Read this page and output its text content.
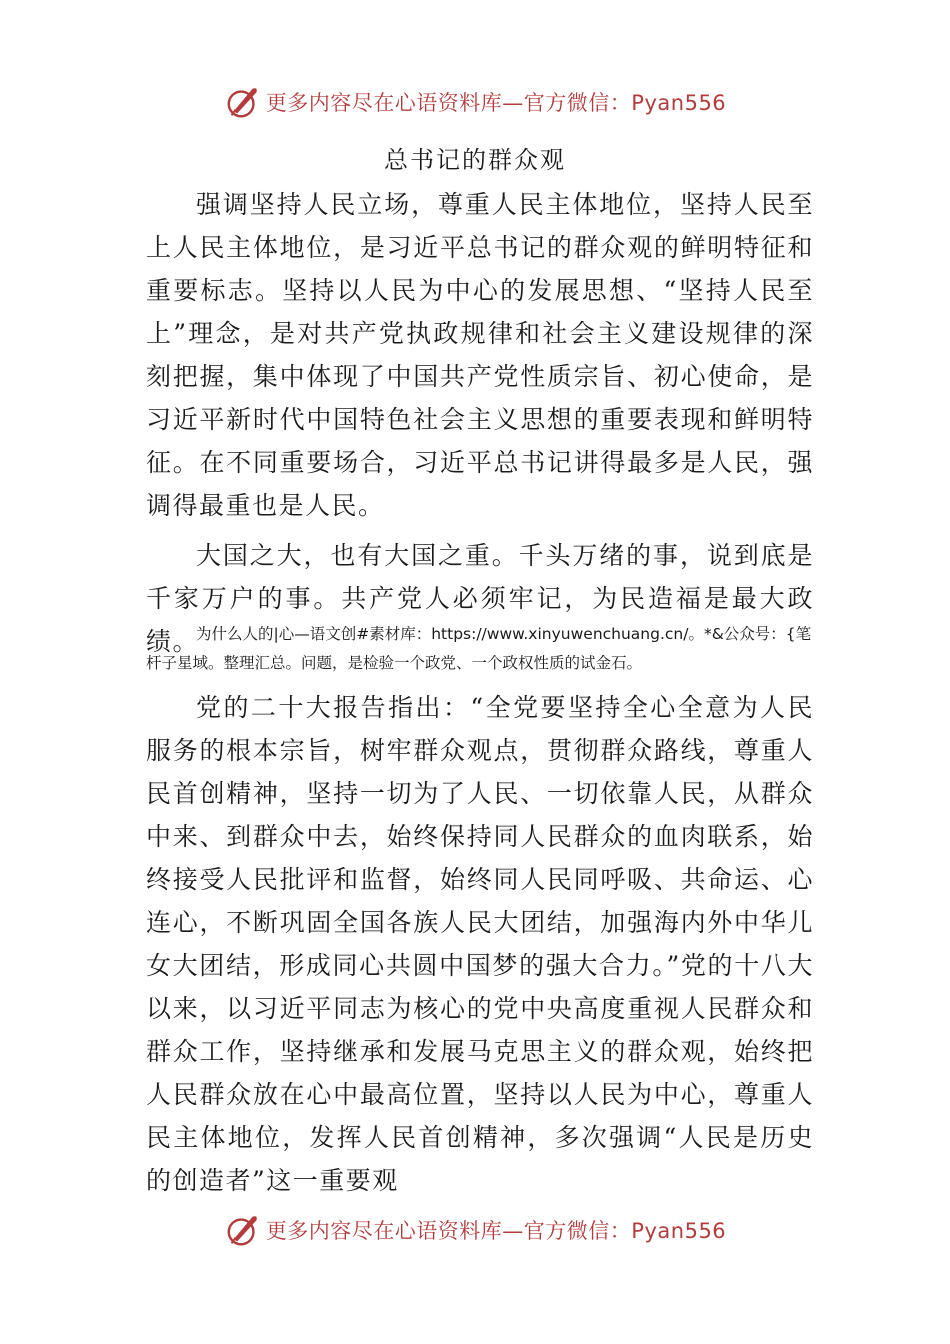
更多内容尽在心语资料库—官方微信：Pyan556
总书记的群众观

强调坚持人民立场，尊重人民主体地位，坚持人民至上人民主体地位，是习近平总书记的群众观的鲜明特征和重要标志。坚持以人民为中心的发展思想、“坚持人民至上”理念，是对共产党执政规律和社会主义建设规律的深刻把握，集中体现了中国共产党性质宗旨、初心使命，是习近平新时代中国特色社会主义思想的重要表现和鲜明特征。在不同重要场合，习近平总书记讲得最多是人民，强调得最重也是人民。

大国之大，也有大国之重。千头万绪的事，说到底是千家万户的事。共产党人必须牢记，为民造福是最大政绩。

为什么人的|心—语文创#素材库：https://www.xinyuwenchuang.cn/。*&公众号：{笔杆子星域。整理汇总。问题，是检验一个政党、一个政权性质的试金石。

党的二十大报告指出：“全党要坚持全心全意为人民服务的根本宗旨，树牢群众观点，贯彻群众路线，尊重人民首创精神，坚持一切为了人民、一切依靠人民，从群众中来、到群众中去，始终保持同人民群众的血肉联系，始终接受人民批评和监督，始终同人民同呼吸、共命运、心连心，不断巩固全国各族人民大团结，加强海内外中华儿女大团结，形成同心共圆中国梦的强大合力。”党的十八大以来，以习近平同志为核心的党中央高度重视人民群众和群众工作，坚持继承和发展马克思主义的群众观，始终把人民群众放在心中最高位置，坚持以人民为中心，尊重人民主体地位，发挥人民首创精神，多次强调“人民是历史的创造者”这一重要观

更多内容尽在心语资料库—官方微信：Pyan556
